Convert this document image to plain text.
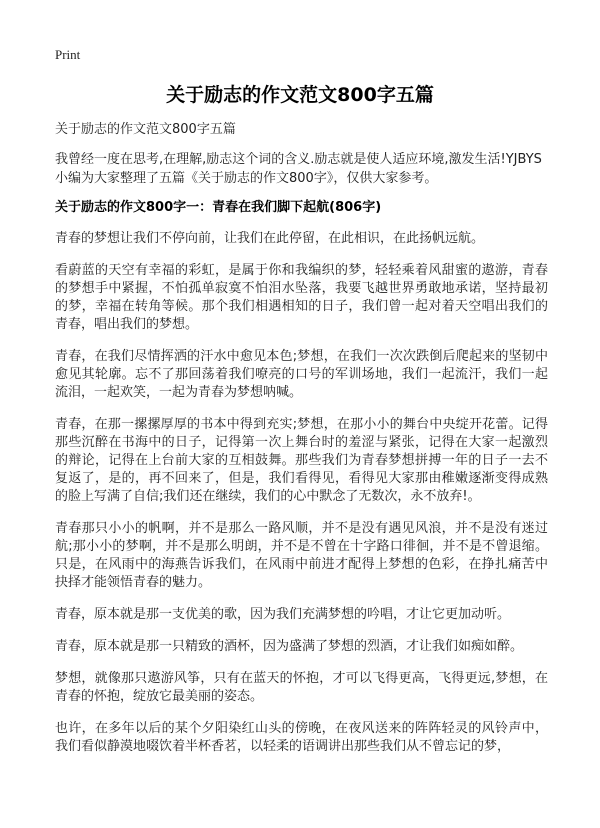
Print
关于励志的作文范文800字五篇

关于励志的作文范文800字五篇

我曾经一度在思考,在理解,励志这个词的含义.励志就是使人适应环境,激发生活!YJBYS小编为大家整理了五篇《关于励志的作文800字》，仅供大家参考。

关于励志的作文800字一：青春在我们脚下起航(806字)

青春的梦想让我们不停向前，让我们在此停留，在此相识，在此扬帆远航。

看蔚蓝的天空有幸福的彩虹，是属于你和我编织的梦，轻轻乘着风甜蜜的遨游，青春的梦想手中紧握，不怕孤单寂寞不怕泪水坠落，我要飞越世界勇敢地承诺，坚持最初的梦，幸福在转角等候。那个我们相遇相知的日子，我们曾一起对着天空唱出我们的青春，唱出我们的梦想。

青春，在我们尽情挥洒的汗水中愈见本色;梦想，在我们一次次跌倒后爬起来的坚韧中愈见其轮廓。忘不了那回荡着我们嘹亮的口号的军训场地，我们一起流汗，我们一起流泪，一起欢笑，一起为青春为梦想呐喊。

青春，在那一摞摞厚厚的书本中得到充实;梦想，在那小小的舞台中央绽开花蕾。记得那些沉醉在书海中的日子，记得第一次上舞台时的羞涩与紧张，记得在大家一起激烈的辩论，记得在上台前大家的互相鼓舞。那些我们为青春梦想拼搏一年的日子一去不复返了，是的，再不回来了，但是，我们看得见，看得见大家那由稚嫩逐渐变得成熟的脸上写满了自信;我们还在继续，我们的心中默念了无数次，永不放弃!。

青春那只小小的帆啊，并不是那么一路风顺，并不是没有遇见风浪，并不是没有迷过航;那小小的梦啊，并不是那么明朗，并不是不曾在十字路口徘徊，并不是不曾退缩。只是，在风雨中的海燕告诉我们，在风雨中前进才配得上梦想的色彩，在挣扎痛苦中抉择才能领悟青春的魅力。

青春，原本就是那一支优美的歌，因为我们充满梦想的吟唱，才让它更加动听。

青春，原本就是那一只精致的酒杯，因为盛满了梦想的烈酒，才让我们如痴如醉。

梦想，就像那只遨游风筝，只有在蓝天的怀抱，才可以飞得更高，飞得更远,梦想，在青春的怀抱，绽放它最美丽的姿态。

也许，在多年以后的某个夕阳染红山头的傍晚，在夜风送来的阵阵轻灵的风铃声中，我们看似静漠地啜饮着半杯香茗，以轻柔的语调讲出那些我们从不曾忘记的梦，
